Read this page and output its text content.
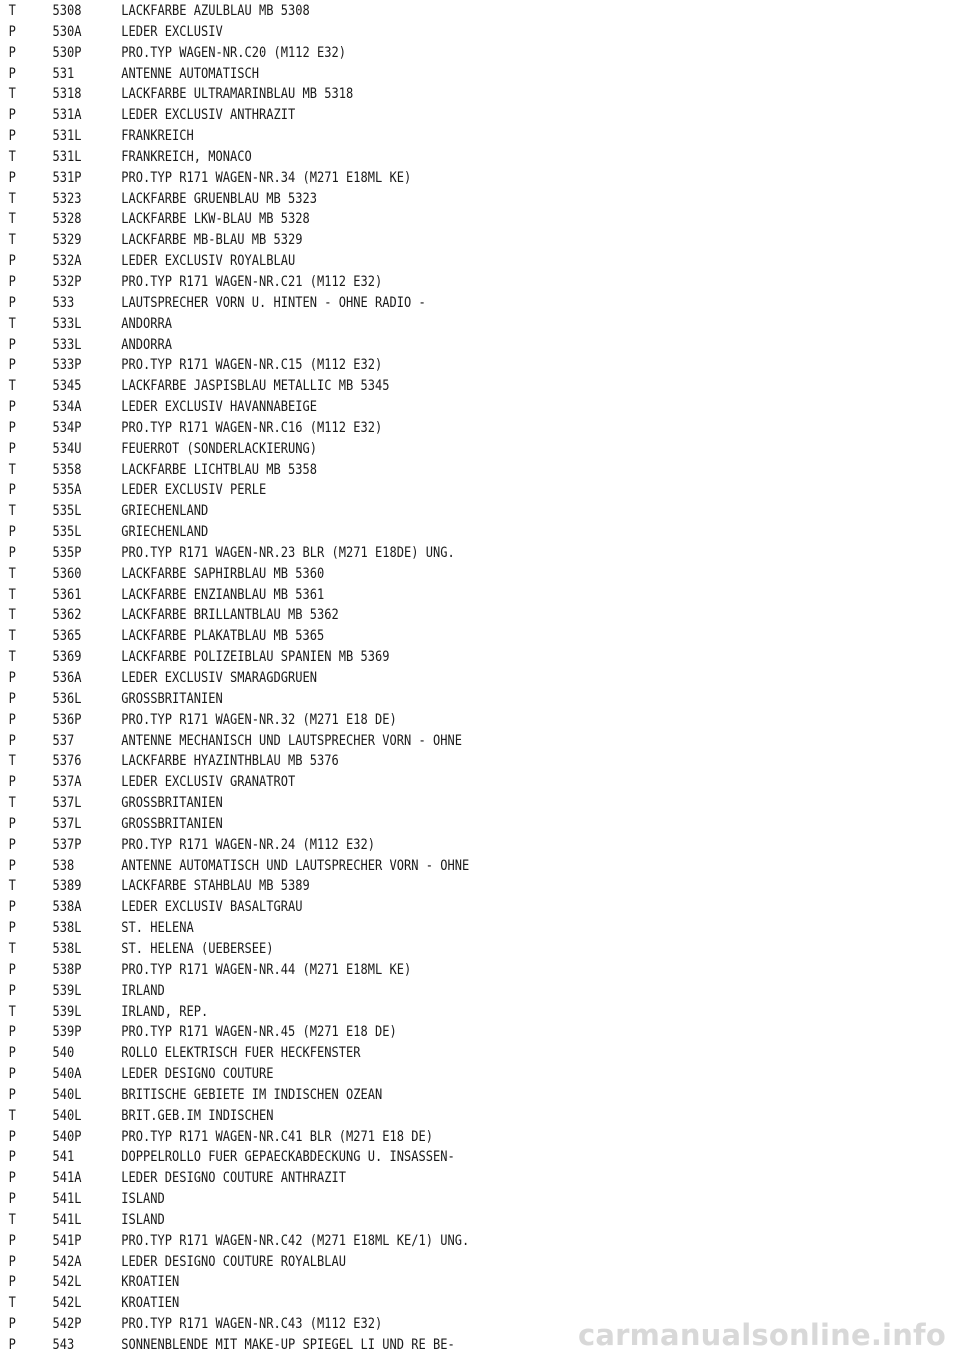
T	5308	LACKFARBE AZULBLAU MB 5308
P	530A	LEDER EXCLUSIV
P	530P	PRO.TYP WAGEN-NR.C20 (M112 E32)
P	531	ANTENNE AUTOMATISCH
T	5318	LACKFARBE ULTRAMARINBLAU MB 5318
P	531A	LEDER EXCLUSIV ANTHRAZIT
P	531L	FRANKREICH
T	531L	FRANKREICH, MONACO
P	531P	PRO.TYP R171 WAGEN-NR.34 (M271 E18ML KE)
T	5323	LACKFARBE GRUENBLAU MB 5323
T	5328	LACKFARBE LKW-BLAU MB 5328
T	5329	LACKFARBE MB-BLAU MB 5329
P	532A	LEDER EXCLUSIV ROYALBLAU
P	532P	PRO.TYP R171 WAGEN-NR.C21 (M112 E32)
P	533	LAUTSPRECHER VORN U. HINTEN - OHNE RADIO -
T	533L	ANDORRA
P	533L	ANDORRA
P	533P	PRO.TYP R171 WAGEN-NR.C15 (M112 E32)
T	5345	LACKFARBE JASPISBLAU METALLIC MB 5345
P	534A	LEDER EXCLUSIV HAVANNABEIGE
P	534P	PRO.TYP R171 WAGEN-NR.C16 (M112 E32)
P	534U	FEUERROT (SONDERLACKIERUNG)
T	5358	LACKFARBE LICHTBLAU MB 5358
P	535A	LEDER EXCLUSIV PERLE
T	535L	GRIECHENLAND
P	535L	GRIECHENLAND
P	535P	PRO.TYP R171 WAGEN-NR.23 BLR (M271 E18DE) UNG.
T	5360	LACKFARBE SAPHIRBLAU MB 5360
T	5361	LACKFARBE ENZIANBLAU MB 5361
T	5362	LACKFARBE BRILLANTBLAU MB 5362
T	5365	LACKFARBE PLAKATBLAU MB 5365
T	5369	LACKFARBE POLIZEIBLAU SPANIEN MB 5369
P	536A	LEDER EXCLUSIV SMARAGDGRUEN
P	536L	GROSSBRITANIEN
P	536P	PRO.TYP R171 WAGEN-NR.32 (M271 E18 DE)
P	537	ANTENNE MECHANISCH UND LAUTSPRECHER VORN - OHNE
T	5376	LACKFARBE HYAZINTHBLAU MB 5376
P	537A	LEDER EXCLUSIV GRANATROT
T	537L	GROSSBRITANIEN
P	537L	GROSSBRITANIEN
P	537P	PRO.TYP R171 WAGEN-NR.24 (M112 E32)
P	538	ANTENNE AUTOMATISCH UND LAUTSPRECHER VORN - OHNE
T	5389	LACKFARBE STAHBLAU MB 5389
P	538A	LEDER EXCLUSIV BASALTGRAU
P	538L	ST. HELENA
T	538L	ST. HELENA (UEBERSEE)
P	538P	PRO.TYP R171 WAGEN-NR.44 (M271 E18ML KE)
P	539L	IRLAND
T	539L	IRLAND, REP.
P	539P	PRO.TYP R171 WAGEN-NR.45 (M271 E18 DE)
P	540	ROLLO ELEKTRISCH FUER HECKFENSTER
P	540A	LEDER DESIGNO COUTURE
P	540L	BRITISCHE GEBIETE IM INDISCHEN OZEAN
T	540L	BRIT.GEB.IM INDISCHEN
P	540P	PRO.TYP R171 WAGEN-NR.C41 BLR (M271 E18 DE)
P	541	DOPPELROLLO FUER GEPAECKABDECKUNG U. INSASSEN-
P	541A	LEDER DESIGNO COUTURE ANTHRAZIT
P	541L	ISLAND
T	541L	ISLAND
P	541P	PRO.TYP R171 WAGEN-NR.C42 (M271 E18ML KE/1) UNG.
P	542A	LEDER DESIGNO COUTURE ROYALBLAU
P	542L	KROATIEN
T	542L	KROATIEN
P	542P	PRO.TYP R171 WAGEN-NR.C43 (M112 E32)
P	543	SONNENBLENDE MIT MAKE-UP SPIEGEL LI UND RE BE-	carmanualsonline.info
